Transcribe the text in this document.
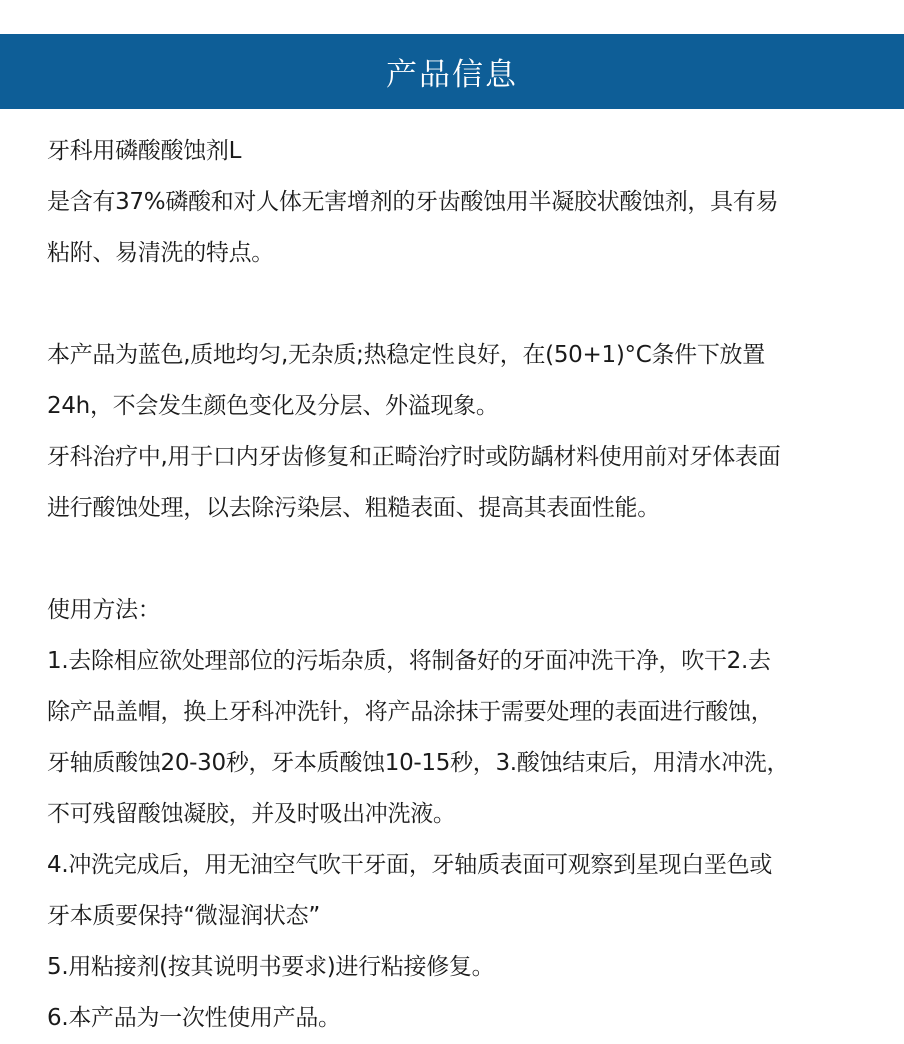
产品信息
牙科用磷酸酸蚀剂L
是含有37%磷酸和对人体无害增剂的牙齿酸蚀用半凝胶状酸蚀剂，具有易
粘附、易清洗的特点。
本产品为蓝色,质地均匀,无杂质;热稳定性良好，在(50+1)°C条件下放置
24h，不会发生颜色变化及分层、外溢现象。
牙科治疗中,用于口内牙齿修复和正畸治疗时或防龋材料使用前对牙体表面
进行酸蚀处理，以去除污染层、粗糙表面、提高其表面性能。
使用方法：
1.去除相应欲处理部位的污垢杂质，将制备好的牙面冲洗干净，吹干2.去
除产品盖帽，换上牙科冲洗针，将产品涂抹于需要处理的表面进行酸蚀，
牙轴质酸蚀20-30秒，牙本质酸蚀10-15秒，3.酸蚀结束后，用清水冲洗，
不可残留酸蚀凝胶，并及时吸出冲洗液。
4.冲洗完成后，用无油空气吹干牙面，牙轴质表面可观察到星现白垩色或
牙本质要保持“微湿润状态”
5.用粘接剂(按其说明书要求)进行粘接修复。
6.本产品为一次性使用产品。
